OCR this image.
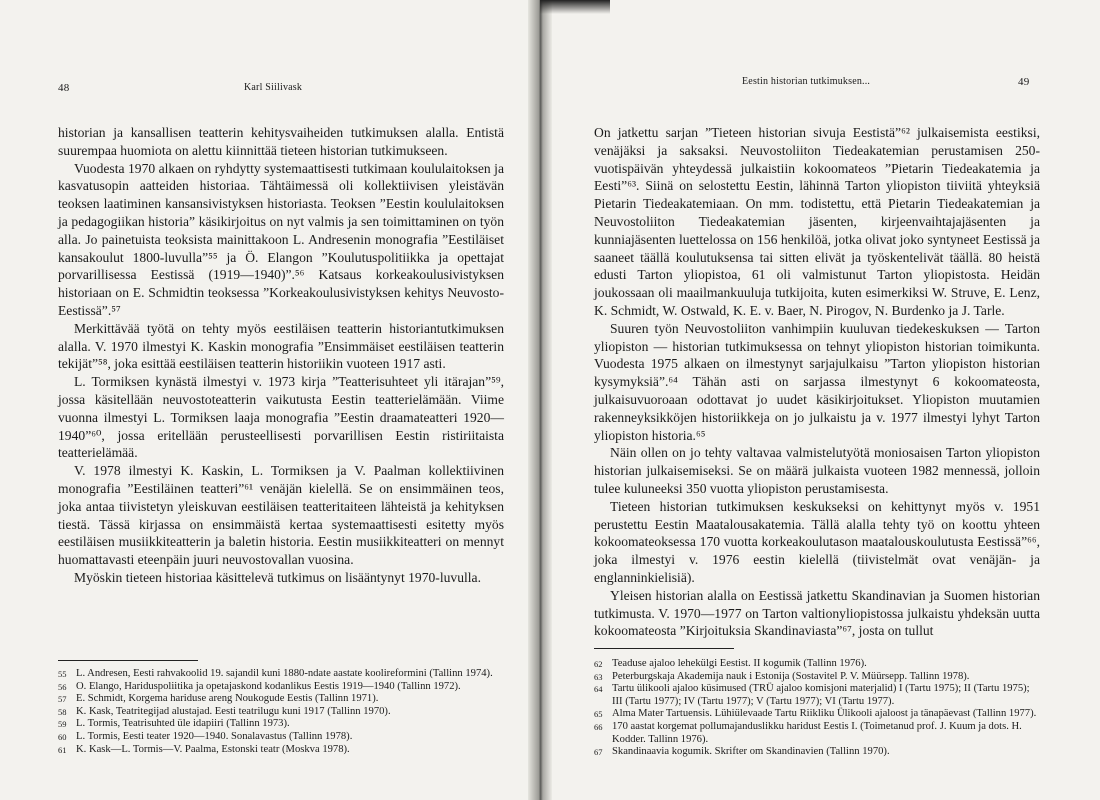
48	Karl Siilivask

historian ja kansallisen teatterin kehitysvaiheiden tutkimuksen alalla. Entistä suurempaa huomiota on alettu kiinnittää tieteen historian tutkimukseen.

Vuodesta 1970 alkaen on ryhdytty systemaattisesti tutkimaan koululaitoksen ja kasvatusopin aatteiden historiaa. Tähtäimessä oli kollektiivisen yleistävän teoksen laatiminen kansansivistyksen historiasta. Teoksen ”Eestin koululaitoksen ja pedagogiikan historia” käsikirjoitus on nyt valmis ja sen toimittaminen on työn alla. Jo painetuista teoksista mainittakoon L. Andresenin monografia ”Eestiläiset kansakoulut 1800-luvulla”⁵⁵ ja Ö. Elangon ”Koulutuspolitiikka ja opettajat porvarillisessa Eestissä (1919—1940)”.⁵⁶ Katsaus korkeakoulusivistyksen historiaan on E. Schmidtin teoksessa ”Korkeakoulusivistyksen kehitys Neuvosto-Eestissä”.⁵⁷

Merkittävää työtä on tehty myös eestiläisen teatterin historiantutkimuksen alalla. V. 1970 ilmestyi K. Kaskin monografia ”Ensimmäiset eestiläisen teatterin tekijät”⁵⁸, joka esittää eestiläisen teatterin historiikin vuoteen 1917 asti.

L. Tormiksen kynästä ilmestyi v. 1973 kirja ”Teatterisuhteet yli itärajan”⁵⁹, jossa käsitellään neuvostoteatterin vaikutusta Eestin teatterielämään. Viime vuonna ilmestyi L. Tormiksen laaja monografia ”Eestin draamateatteri 1920—1940”⁶⁰, jossa eritellään perusteellisesti porvarillisen Eestin ristiriitaista teatterielämää.

V. 1978 ilmestyi K. Kaskin, L. Tormiksen ja V. Paalman kollektiivinen monografia ”Eestiläinen teatteri”⁶¹ venäjän kielellä. Se on ensimmäinen teos, joka antaa tiivistetyn yleiskuvan eestiläisen teatteritaiteen lähteistä ja kehityksen tiestä. Tässä kirjassa on ensimmäistä kertaa systemaattisesti esitetty myös eestiläisen musiikkiteatterin ja baletin historia. Eestin musiikkiteatteri on mennyt huomattavasti eteenpäin juuri neuvostovallan vuosina.

Myöskin tieteen historiaa käsittelevä tutkimus on lisääntynyt 1970-luvulla.

55 L. Andresen, Eesti rahvakoolid 19. sajandil kuni 1880-ndate aastate koolireformini (Tallinn 1974).
56 O. Elango, Hariduspoliitika ja opetajaskond kodanlikus Eestis 1919—1940 (Tallinn 1972).
57 E. Schmidt, Korgema hariduse areng Noukogude Eestis (Tallinn 1971).
58 K. Kask, Teatritegijad alustajad. Eesti teatrilugu kuni 1917 (Tallinn 1970).
59 L. Tormis, Teatrisuhted üle idapiiri (Tallinn 1973).
60 L. Tormis, Eesti teater 1920—1940. Sonalavastus (Tallinn 1978).
61 K. Kask—L. Tormis—V. Paalma, Estonski teatr (Moskva 1978).
Eestin historian tutkimuksen...	49

On jatkettu sarjan ”Tieteen historian sivuja Eestistä”⁶² julkaisemista eestiksi, venäjäksi ja saksaksi. Neuvostoliiton Tiedeakatemian perustamisen 250-vuotispäivän yhteydessä julkaistiin kokoomateos ”Pietarin Tiedeakatemia ja Eesti”⁶³. Siinä on selostettu Eestin, lähinnä Tarton yliopiston tiiviitä yhteyksiä Pietarin Tiedeakatemiaan. On mm. todistettu, että Pietarin Tiedeakatemian ja Neuvostoliiton Tiedeakatemian jäsenten, kirjeenvaihtajajäsenten ja kunniajäsenten luettelossa on 156 henkilöä, jotka olivat joko syntyneet Eestissä ja saaneet täällä koulutuksensa tai sitten elivät ja työskentelivät täällä. 80 heistä edusti Tarton yliopistoa, 61 oli valmistunut Tarton yliopistosta. Heidän joukossaan oli maailmankuuluja tutkijoita, kuten esimerkiksi W. Struve, E. Lenz, K. Schmidt, W. Ostwald, K. E. v. Baer, N. Pirogov, N. Burdenko ja J. Tarle.

Suuren työn Neuvostoliiton vanhimpiin kuuluvan tiedekeskuksen — Tarton yliopiston — historian tutkimuksessa on tehnyt yliopiston historian toimikunta. Vuodesta 1975 alkaen on ilmestynyt sarjajulkaisu ”Tarton yliopiston historian kysymyksiä”.⁶⁴ Tähän asti on sarjassa ilmestynyt 6 kokoomateosta, julkaisuvuoroaan odottavat jo uudet käsikirjoitukset. Yliopiston muutamien rakenneyksikköjen historiikkeja on jo julkaistu ja v. 1977 ilmestyi lyhyt Tarton yliopiston historia.⁶⁵

Näin ollen on jo tehty valtavaa valmistelutyötä moniosaisen Tarton yliopiston historian julkaisemiseksi. Se on määrä julkaista vuoteen 1982 mennessä, jolloin tulee kuluneeksi 350 vuotta yliopiston perustamisesta.

Tieteen historian tutkimuksen keskukseksi on kehittynyt myös v. 1951 perustettu Eestin Maatalousakatemia. Tällä alalla tehty työ on koottu yhteen kokoomateoksessa 170 vuotta korkeakoulutason maatalouskoulutusta Eestissä”⁶⁶, joka ilmestyi v. 1976 eestin kielellä (tiivistelmät ovat venäjän- ja englanninkielisiä).

Yleisen historian alalla on Eestissä jatkettu Skandinavian ja Suomen historian tutkimusta. V. 1970—1977 on Tarton valtionyliopistossa julkaistu yhdeksän uutta kokoomateosta ”Kirjoituksia Skandinaviasta”⁶⁷, josta on tullut

62 Teaduse ajaloo lehekülgi Eestist. II kogumik (Tallinn 1976).
63 Peterburgskaja Akademija nauk i Estonija (Sostavitel P. V. Müürsepp. Tallinn 1978).
64 Tartu ülikooli ajaloo küsimused (TRÜ ajaloo komisjoni materjalid) I (Tartu 1975); II (Tartu 1975); III (Tartu 1977); IV (Tartu 1977); V (Tartu 1977); VI (Tartu 1977).
65 Alma Mater Tartuensis. Lühiülevaade Tartu Riikliku Ülikooli ajaloost ja tänapäevast (Tallinn 1977).
66 170 aastat korgemat pollumajanduslikku haridust Eestis I. (Toimetanud prof. J. Kuum ja dots. H. Kodder. Tallinn 1976).
67 Skandinaavia kogumik. Skrifter om Skandinavien (Tallinn 1970).
